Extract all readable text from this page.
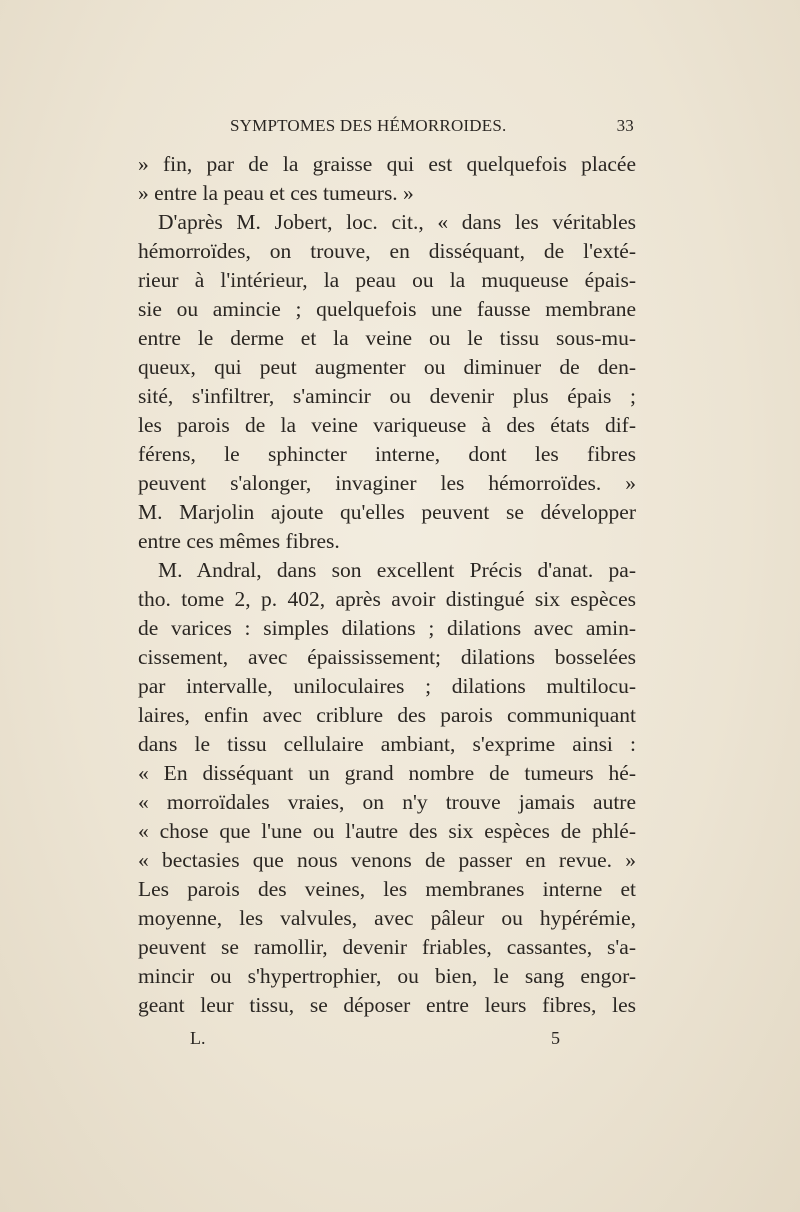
SYMPTOMES DES HÉMORROIDES.	33
» fin, par de la graisse qui est quelquefois placée
» entre la peau et ces tumeurs. »
D'après M. Jobert, loc. cit., « dans les véritables
hémorroïdes, on trouve, en disséquant, de l'exté-
rieur à l'intérieur, la peau ou la muqueuse épais-
sie ou amincie ; quelquefois une fausse membrane
entre le derme et la veine ou le tissu sous-mu-
queux, qui peut augmenter ou diminuer de den-
sité, s'infiltrer, s'amincir ou devenir plus épais ;
les parois de la veine variqueuse à des états dif-
férens, le sphincter interne, dont les fibres
peuvent s'alonger, invaginer les hémorroïdes. »
M. Marjolin ajoute qu'elles peuvent se développer
entre ces mêmes fibres.
M. Andral, dans son excellent Précis d'anat. pa-
tho. tome 2, p. 402, après avoir distingué six espèces
de varices : simples dilations ; dilations avec amin-
cissement, avec épaississement; dilations bosselées
par intervalle, uniloculaires ; dilations multilocu-
laires, enfin avec criblure des parois communiquant
dans le tissu cellulaire ambiant, s'exprime ainsi :
« En disséquant un grand nombre de tumeurs hé-
« morroïdales vraies, on n'y trouve jamais autre
« chose que l'une ou l'autre des six espèces de phlé-
« bectasies que nous venons de passer en revue. »
Les parois des veines, les membranes interne et
moyenne, les valvules, avec pâleur ou hypérémie,
peuvent se ramollir, devenir friables, cassantes, s'a-
mincir ou s'hypertrophier, ou bien, le sang engor-
geant leur tissu, se déposer entre leurs fibres, les
L.	5
